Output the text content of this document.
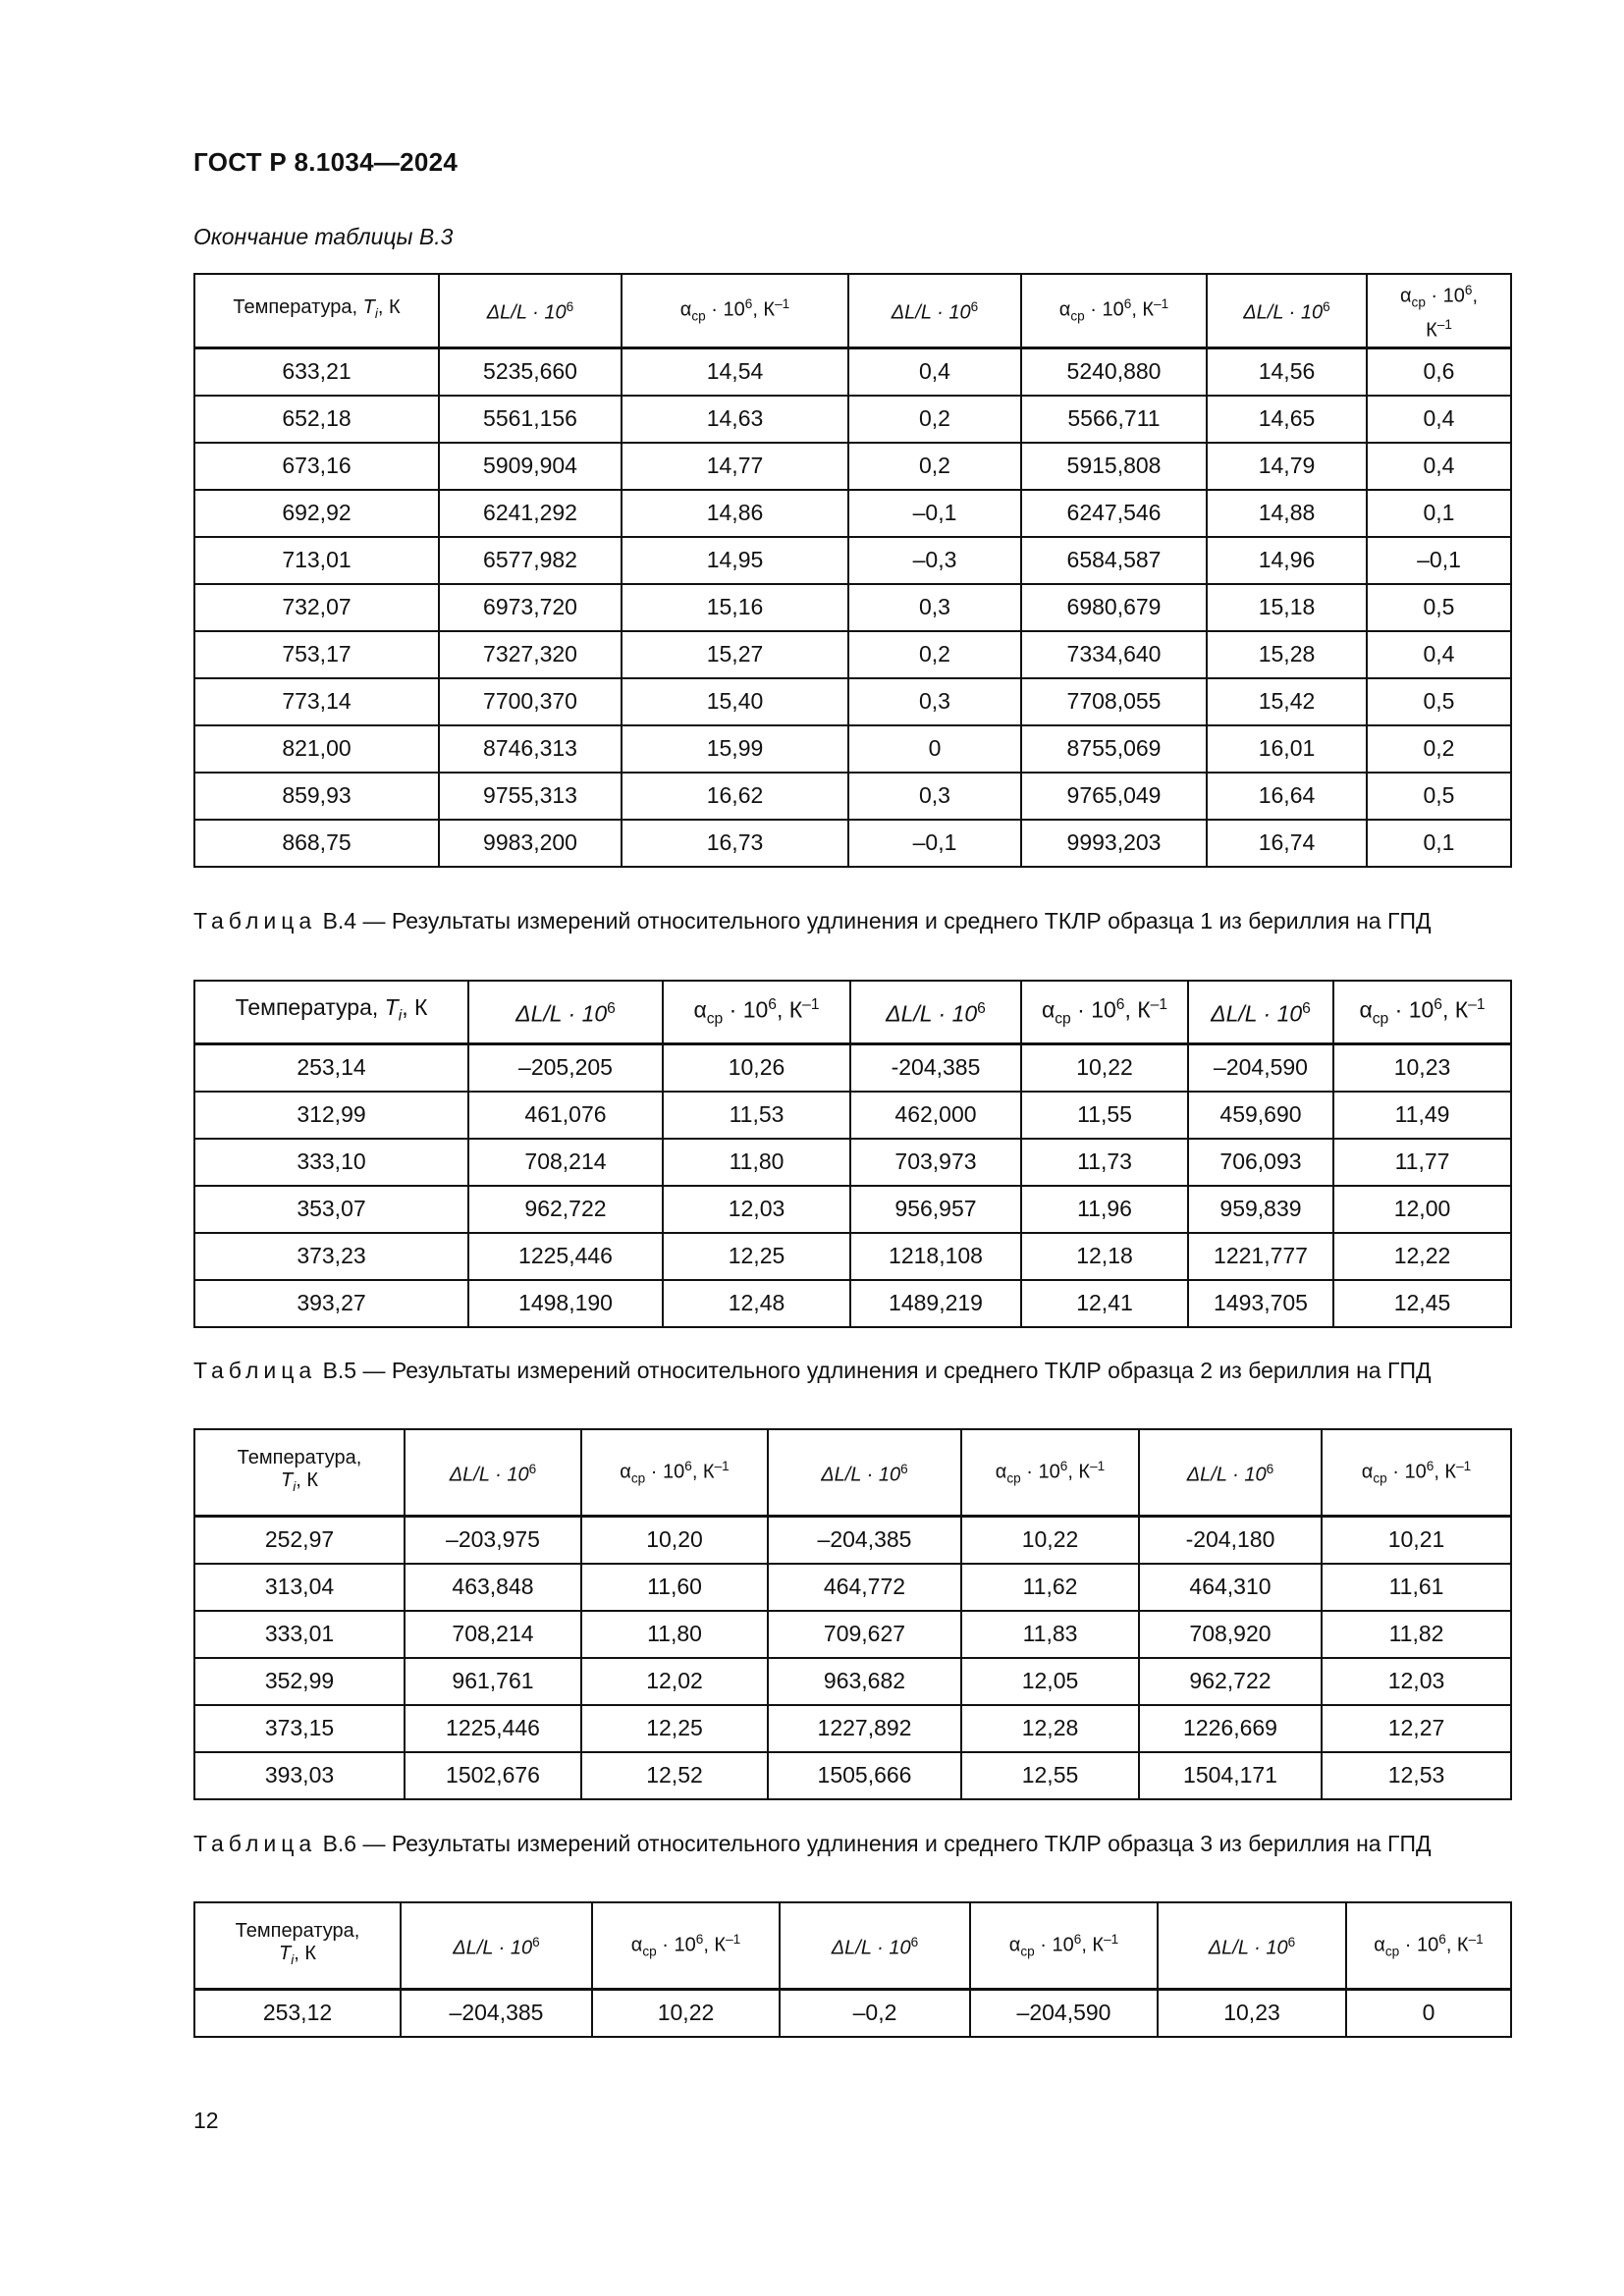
ГОСТ Р 8.1034—2024
Окончание таблицы В.3
Температура, $T_i$, К	$\Delta L/L \cdot 10^6$	$\alpha_{ср} \cdot 10^6$, $К^{-1}$	$\Delta L/L \cdot 10^6$	$\alpha_{ср} \cdot 10^6$, $К^{-1}$	$\Delta L/L \cdot 10^6$	$\alpha_{ср} \cdot 10^6$,
$К^{-1}$
633,21	5235,660	14,54	0,4	5240,880	14,56	0,6
652,18	5561,156	14,63	0,2	5566,711	14,65	0,4
673,16	5909,904	14,77	0,2	5915,808	14,79	0,4
692,92	6241,292	14,86	–0,1	6247,546	14,88	0,1
713,01	6577,982	14,95	–0,3	6584,587	14,96	–0,1
732,07	6973,720	15,16	0,3	6980,679	15,18	0,5
753,17	7327,320	15,27	0,2	7334,640	15,28	0,4
773,14	7700,370	15,40	0,3	7708,055	15,42	0,5
821,00	8746,313	15,99	0	8755,069	16,01	0,2
859,93	9755,313	16,62	0,3	9765,049	16,64	0,5
868,75	9983,200	16,73	–0,1	9993,203	16,74	0,1
Таблица В.4 — Результаты измерений относительного удлинения и среднего ТКЛР образца 1 из бериллия на ГПД
Температура, $T_i$, К	$\Delta L/L \cdot 10^6$	$\alpha_{ср} \cdot 10^6$, $К^{-1}$	$\Delta L/L \cdot 10^6$	$\alpha_{ср} \cdot 10^6$, $К^{-1}$	$\Delta L/L \cdot 10^6$	$\alpha_{ср} \cdot 10^6$, $К^{-1}$
253,14	–205,205	10,26	-204,385	10,22	–204,590	10,23
312,99	461,076	11,53	462,000	11,55	459,690	11,49
333,10	708,214	11,80	703,973	11,73	706,093	11,77
353,07	962,722	12,03	956,957	11,96	959,839	12,00
373,23	1225,446	12,25	1218,108	12,18	1221,777	12,22
393,27	1498,190	12,48	1489,219	12,41	1493,705	12,45
Таблица В.5 — Результаты измерений относительного удлинения и среднего ТКЛР образца 2 из бериллия на ГПД
Температура,
$T_i$, К	$\Delta L/L \cdot 10^6$	$\alpha_{ср} \cdot 10^6$, $К^{-1}$	$\Delta L/L \cdot 10^6$	$\alpha_{ср} \cdot 10^6$, $К^{-1}$	$\Delta L/L \cdot 10^6$	$\alpha_{ср} \cdot 10^6$, $К^{-1}$
252,97	–203,975	10,20	–204,385	10,22	-204,180	10,21
313,04	463,848	11,60	464,772	11,62	464,310	11,61
333,01	708,214	11,80	709,627	11,83	708,920	11,82
352,99	961,761	12,02	963,682	12,05	962,722	12,03
373,15	1225,446	12,25	1227,892	12,28	1226,669	12,27
393,03	1502,676	12,52	1505,666	12,55	1504,171	12,53
Таблица В.6 — Результаты измерений относительного удлинения и среднего ТКЛР образца 3 из бериллия на ГПД
Температура,
$T_i$, К	$\Delta L/L \cdot 10^6$	$\alpha_{ср} \cdot 10^6$, $К^{-1}$	$\Delta L/L \cdot 10^6$	$\alpha_{ср} \cdot 10^6$, $К^{-1}$	$\Delta L/L \cdot 10^6$	$\alpha_{ср} \cdot 10^6$, $К^{-1}$
253,12	–204,385	10,22	–0,2	–204,590	10,23	0
12
